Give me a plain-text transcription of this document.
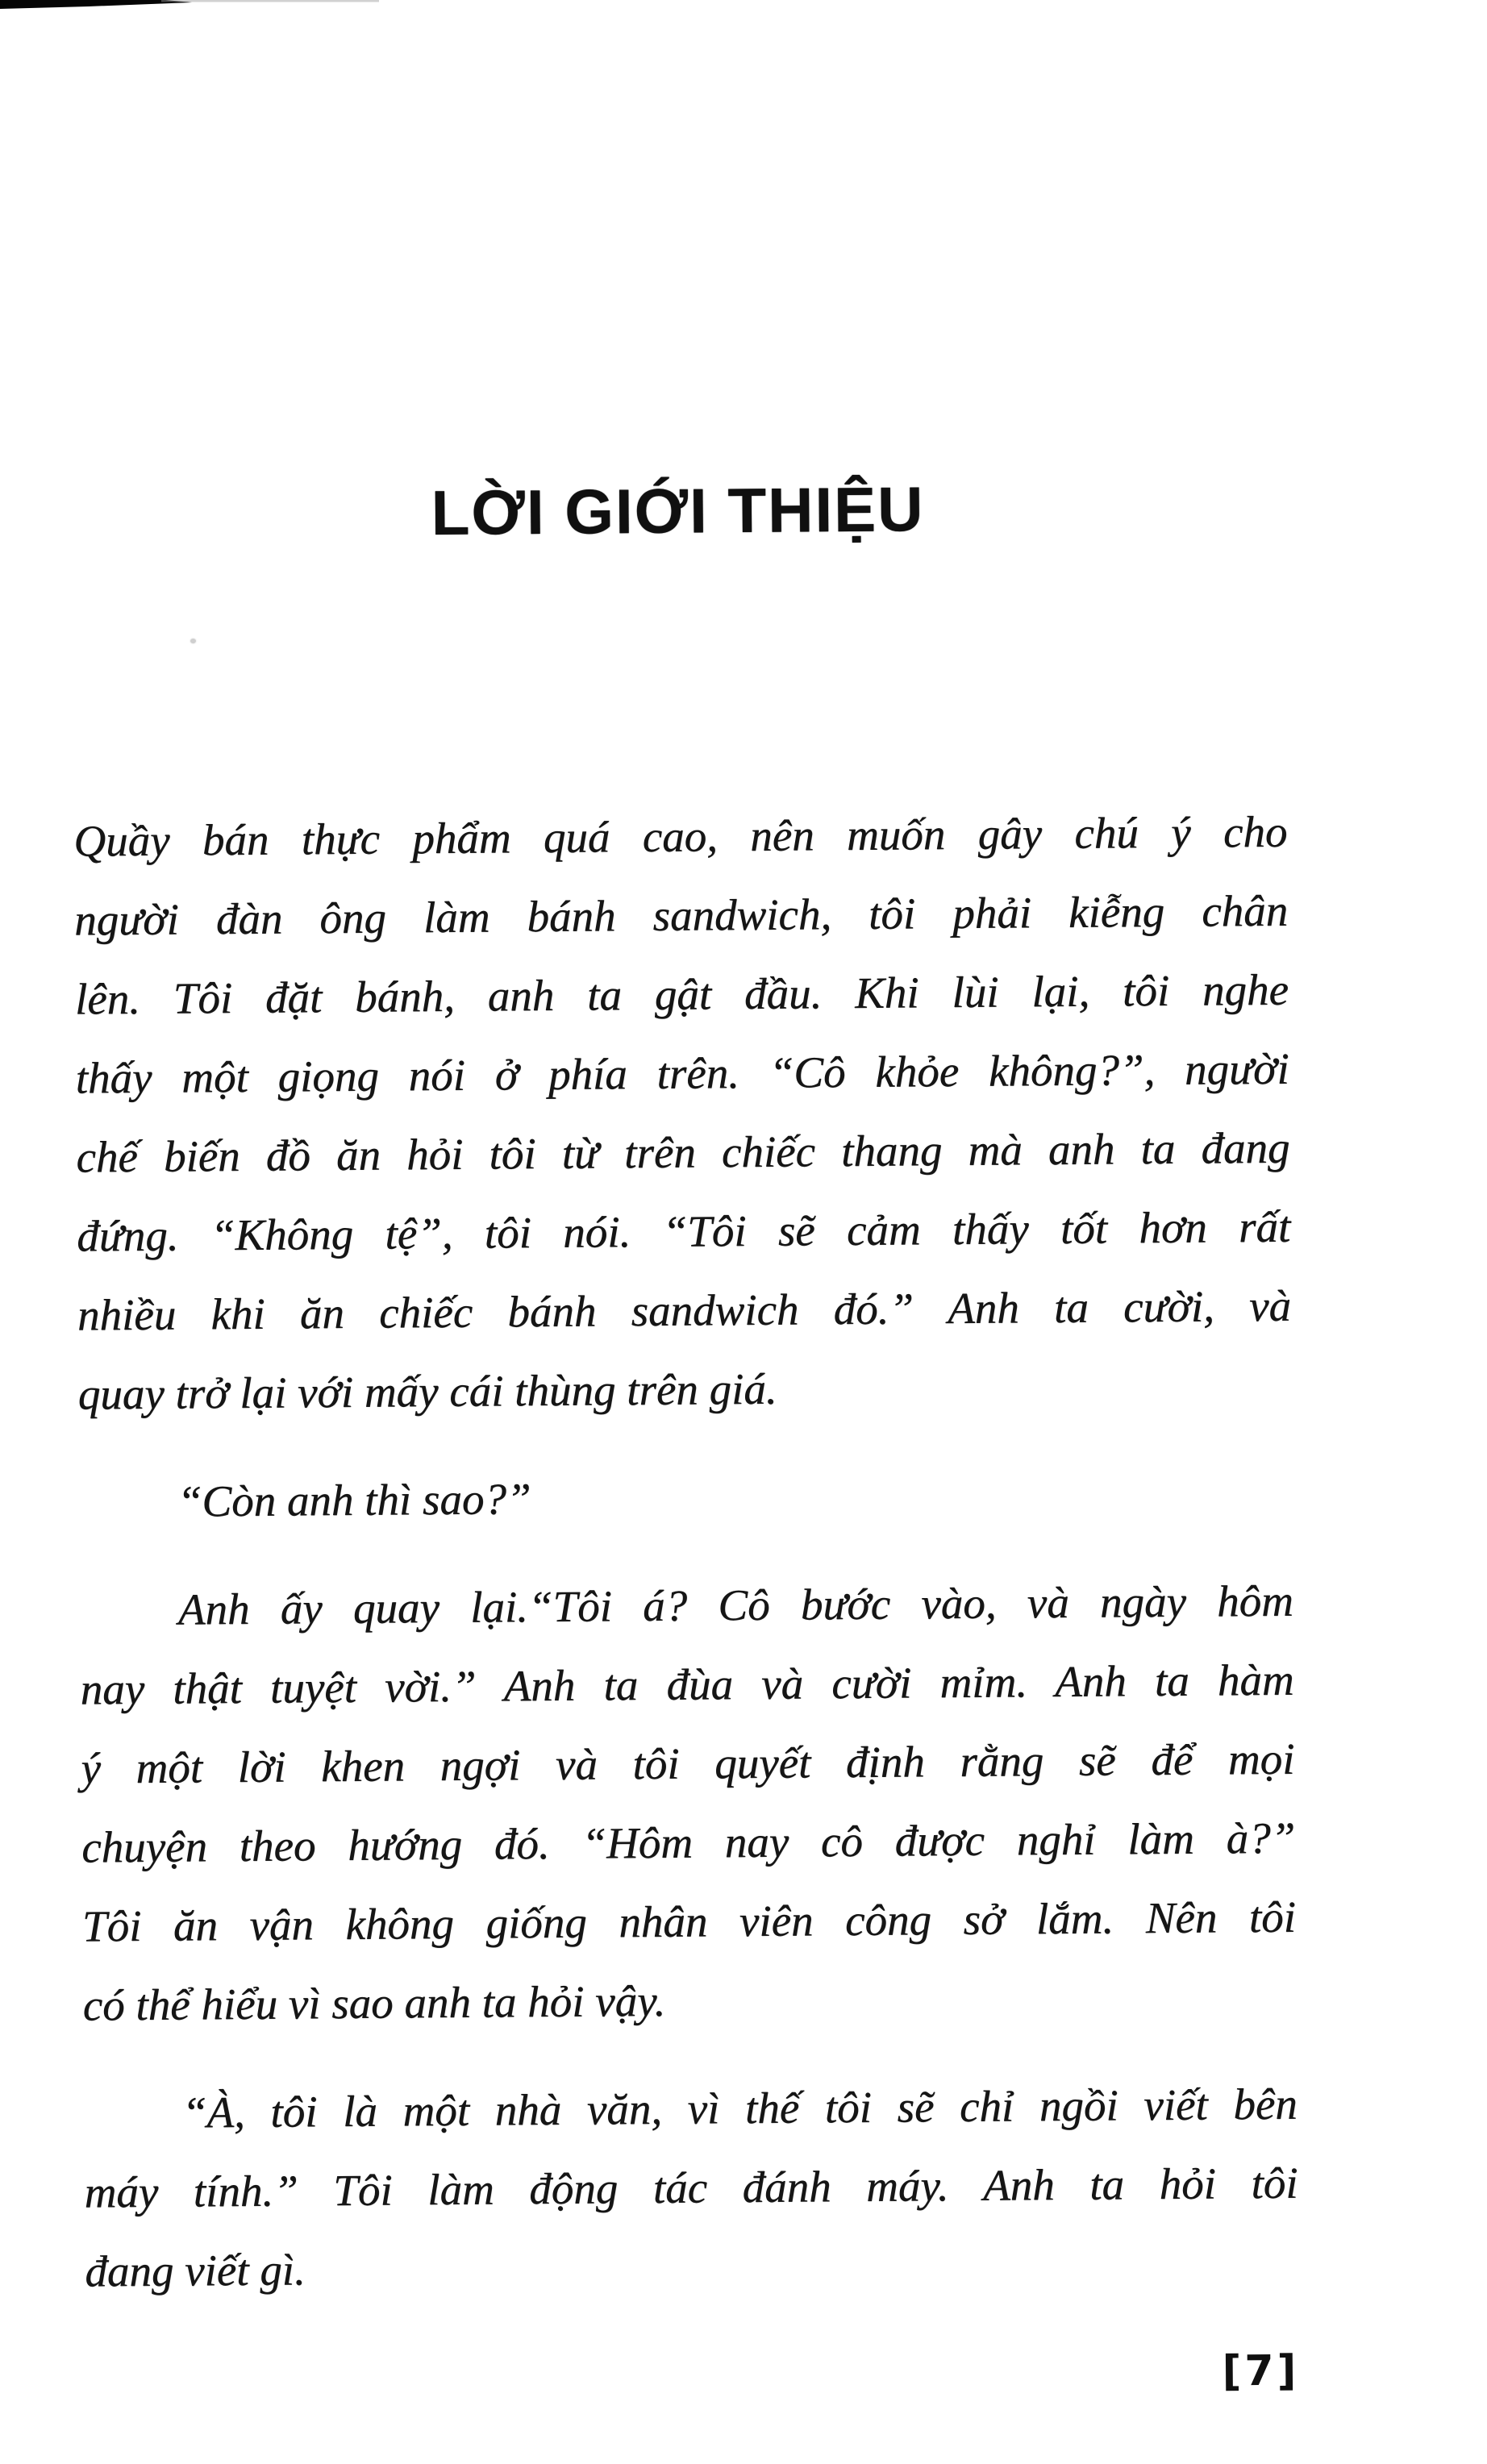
LỜI GIỚI THIỆU
Quầy bán thực phẩm quá cao, nên muốn gây chú ý cho
người đàn ông làm bánh sandwich, tôi phải kiễng chân
lên. Tôi đặt bánh, anh ta gật đầu. Khi lùi lại, tôi nghe
thấy một giọng nói ở phía trên. “Cô khỏe không?”, người
chế biến đồ ăn hỏi tôi từ trên chiếc thang mà anh ta đang
đứng. “Không tệ”, tôi nói. “Tôi sẽ cảm thấy tốt hơn rất
nhiều khi ăn chiếc bánh sandwich đó.” Anh ta cười, và
quay trở lại với mấy cái thùng trên giá.
“Còn anh thì sao?”
Anh ấy quay lại.“Tôi á? Cô bước vào, và ngày hôm
nay thật tuyệt vời.” Anh ta đùa và cười mỉm. Anh ta hàm
ý một lời khen ngợi và tôi quyết định rằng sẽ để mọi
chuyện theo hướng đó. “Hôm nay cô được nghỉ làm à?”
Tôi ăn vận không giống nhân viên công sở lắm. Nên tôi
có thể hiểu vì sao anh ta hỏi vậy.
“À, tôi là một nhà văn, vì thế tôi sẽ chỉ ngồi viết bên
máy tính.” Tôi làm động tác đánh máy. Anh ta hỏi tôi
đang viết gì.
[7]
